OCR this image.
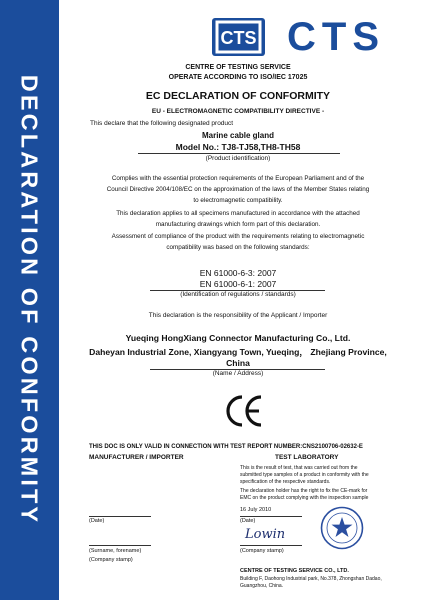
DECLARATION OF CONFORMITY
CTS CTS

CENTRE OF TESTING SERVICE

OPERATE ACCORDING TO ISO/IEC 17025

EC DECLARATION OF CONFORMITY

EU - ELECTROMAGNETIC COMPATIBILITY DIRECTIVE -

This declare that the following designated product

Marine cable gland

Model No.: TJ8-TJ58,TH8-TH58

(Product identification)

Complies with the essential protection requirements of the European Parliament and of the

Council Directive 2004/108/EC on the approximation of the laws of the Member States relating

to electromagnetic compatibility.

This declaration applies to all specimens manufactured in accordance with the attached

manufacturing drawings which form part of this declaration.

Assessment of compliance of the product with the requirements relating to electromagnetic

compatibility was based on the following standards:

EN 61000-6-3: 2007

EN 61000-6-1: 2007

(Identification of regulations / standards)

This declaration is the responsibility of the Applicant / Importer

Yueqing HongXiang Connector Manufacturing Co., Ltd.

Daheyan Industrial Zone, Xiangyang Town, Yueqing， Zhejiang Province,

China

(Name / Address)

THIS DOC IS ONLY VALID IN CONNECTION WITH TEST REPORT NUMBER:CNS2100706-02632-E

MANUFACTURER / IMPORTER	TEST LABORATORY

This is the result of test, that was carried out from the

submitted type samples of a product in conformity with the

specification of the respective standards.

The declaration holder has the right to fix the CE-mark for

EMC on the product complying with the inspection sample

(Date)

16 July 2010

(Date)

(Surname, forename)

(Company stamp)

Lowin

(Company stamp)

CENTRE OF TESTING SERVICE CO., LTD.

Building F, Daohong Industrial park, No.378, Zhongshan Dadao,

Guangzhou, China.
